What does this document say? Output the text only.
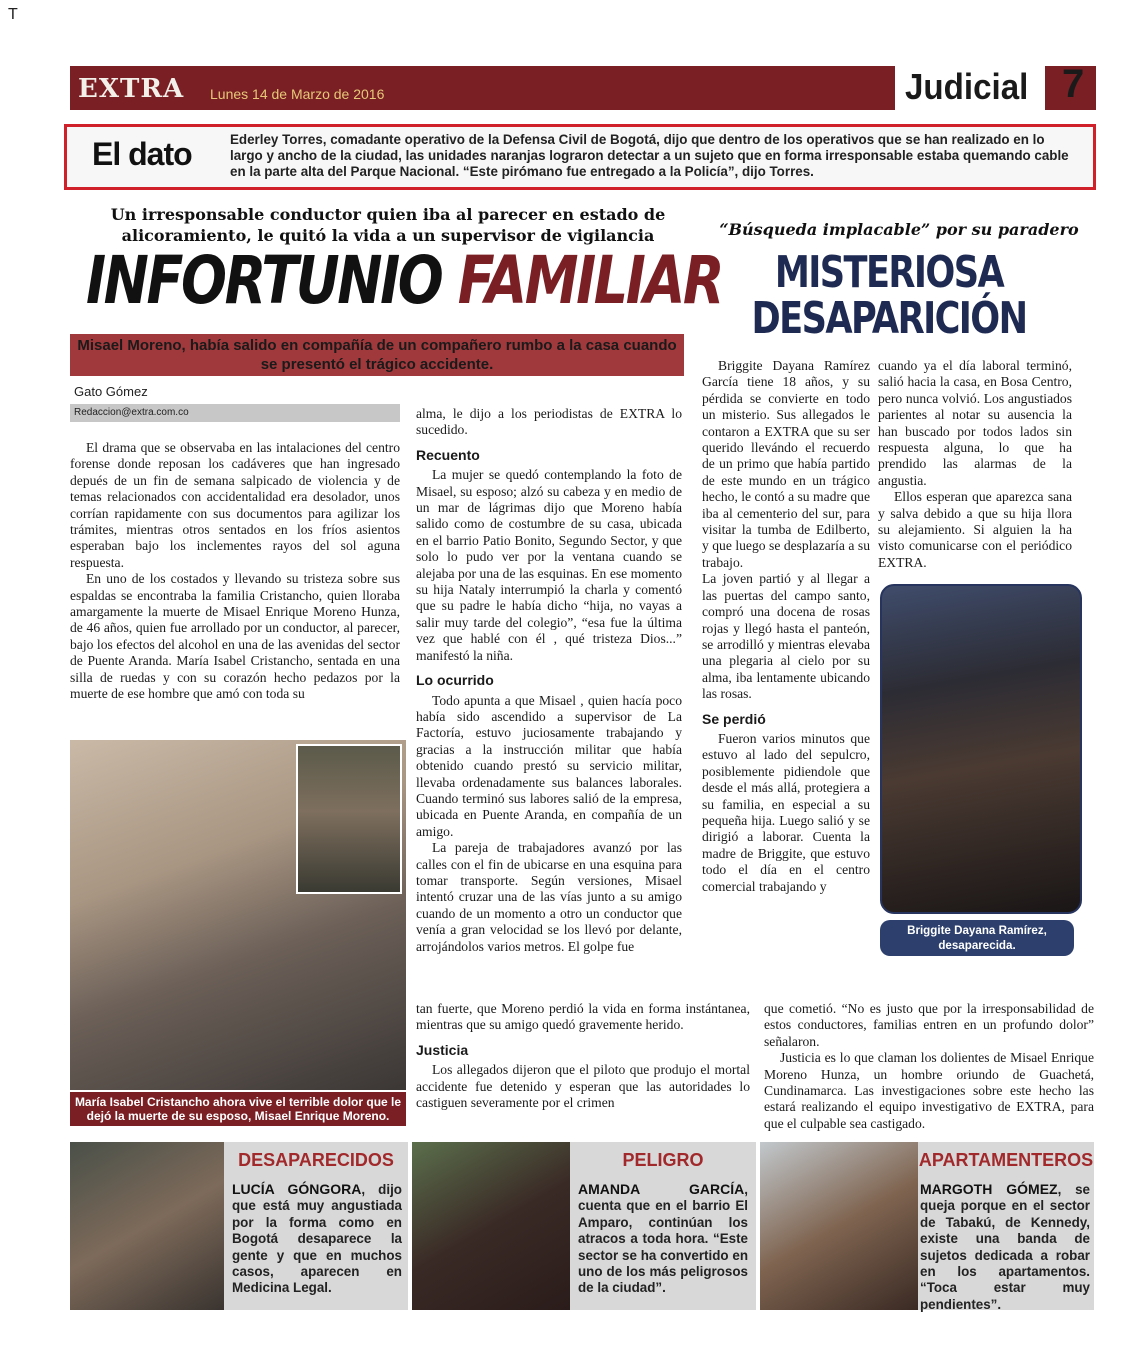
T
EXTRA Lunes 14 de Marzo de 2016	Judicial 7
El dato	Ederley Torres, comadante operativo de la Defensa Civil de Bogotá, dijo que dentro de los operativos que se han realizado en lo largo y ancho de la ciudad, las unidades naranjas lograron detectar a un sujeto que en forma irresponsable estaba quemando cable en la parte alta del Parque Nacional. “Este pirómano fue entregado a la Policía”, dijo Torres.
Un irresponsable conductor quien iba al parecer en estado de alicoramiento, le quitó la vida a un supervisor de vigilancia
INFORTUNIO FAMILIAR
Misael Moreno, había salido en compañía de un compañero rumbo a la casa cuando se presentó el trágico accidente.
Gato Gómez
Redaccion@extra.com.co

El drama que se observaba en las intalaciones del centro forense donde reposan los cadáveres que han ingresado depués de un fin de semana salpicado de violencia y de temas relacionados con accidentalidad era desolador, unos corrían rapidamente con sus documentos para agilizar los trámites, mientras otros sentados en los fríos asientos esperaban bajo los inclementes rayos del sol aguna respuesta.

En uno de los costados y llevando su tristeza sobre sus espaldas se encontraba la familia Cristancho, quien lloraba amargamente la muerte de Misael Enrique Moreno Hunza, de 46 años, quien fue arrollado por un conductor, al parecer, bajo los efectos del alcohol en una de las avenidas del sector de Puente Aranda. María Isabel Cristancho, sentada en una silla de ruedas y con su corazón hecho pedazos por la muerte de ese hombre que amó con toda su

alma, le dijo a los periodistas de EXTRA lo sucedido.

Recuento

La mujer se quedó contemplando la foto de Misael, su esposo; alzó su cabeza y en medio de un mar de lágrimas dijo que Moreno había salido como de costumbre de su casa, ubicada en el barrio Patio Bonito, Segundo Sector, y que solo lo pudo ver por la ventana cuando se alejaba por una de las esquinas. En ese momento su hija Nataly interrumpió la charla y comentó que su padre le había dicho “hija, no vayas a salir muy tarde del colegio”, “esa fue la última vez que hablé con él , qué tristeza Dios...” manifestó la niña.

Lo ocurrido

Todo apunta a que Misael , quien hacía poco había sido ascendido a supervisor de La Factoría, estuvo juciosamente trabajando y gracias a la instrucción militar que había obtenido cuando prestó su servicio militar, llevaba ordenadamente sus balances laborales. Cuando terminó sus labores salió de la empresa, ubicada en Puente Aranda, en compañía de un amigo.

La pareja de trabajadores avanzó por las calles con el fin de ubicarse en una esquina para tomar transporte. Según versiones, Misael intentó cruzar una de las vías junto a su amigo cuando de un momento a otro un conductor que venía a gran velocidad se los llevó por delante, arrojándolos varios metros. El golpe fue

tan fuerte, que Moreno perdió la vida en forma instántanea, mientras que su amigo quedó gravemente herido.

Justicia

Los allegados dijeron que el piloto que produjo el mortal accidente fue detenido y esperan que las autoridades lo castiguen severamente por el crimen

que cometió. “No es justo que por la irresponsabilidad de estos conductores, familias entren en un profundo dolor” señalaron.

Justicia es lo que claman los dolientes de Misael Enrique Moreno Hunza, un hombre oriundo de Guachetá, Cundinamarca. Las investigaciones sobre este hecho las estará realizando el equipo investigativo de EXTRA, para que el culpable sea castigado.

María Isabel Cristancho ahora vive el terrible dolor que le dejó la muerte de su esposo, Misael Enrique Moreno.
“Búsqueda implacable” por su paradero
MISTERIOSA DESAPARICIÓN

Briggite Dayana Ramírez García tiene 18 años, y su pérdida se convierte en todo un misterio. Sus allegados le contaron a EXTRA que su ser querido llevándo el recuerdo de un primo que había partido de este mundo en un trágico hecho, le contó a su madre que iba al cementerio del sur, para visitar la tumba de Edilberto, y que luego se desplazaría a su trabajo.

La joven partió y al llegar a las puertas del campo santo, compró una docena de rosas rojas y llegó hasta el panteón, se arrodilló y mientras elevaba una plegaria al cielo por su alma, iba lentamente ubicando las rosas.

Se perdió

Fueron varios minutos que estuvo al lado del sepulcro, posiblemente pidiendole que desde el más allá, protegiera a su familia, en especial a su pequeña hija. Luego salió y se dirigió a laborar. Cuenta la madre de Briggite, que estuvo todo el día en el centro comercial trabajando y

cuando ya el día laboral terminó, salió hacia la casa, en Bosa Centro, pero nunca volvió. Los angustiados parientes al notar su ausencia la han buscado por todos lados sin respuesta alguna, lo que ha prendido las alarmas de la angustia.

Ellos esperan que aparezca sana y salva debido a que su hija llora su alejamiento. Si alguien la ha visto comunicarse con el periódico EXTRA.

Briggite Dayana Ramírez, desaparecida.
DESAPARECIDOS
LUCÍA GÓNGORA, dijo que está muy angustiada por la forma como en Bogotá desaparece la gente y que en muchos casos, aparecen en Medicina Legal.
PELIGRO
AMANDA GARCÍA, cuenta que en el barrio El Amparo, continúan los atracos a toda hora. “Este sector se ha convertido en uno de los más peligrosos de la ciudad”.
APARTAMENTEROS
MARGOTH GÓMEZ, se queja porque en el sector de Tabakú, de Kennedy, existe una banda de sujetos dedicada a robar en los apartamentos. “Toca estar muy pendientes”.
